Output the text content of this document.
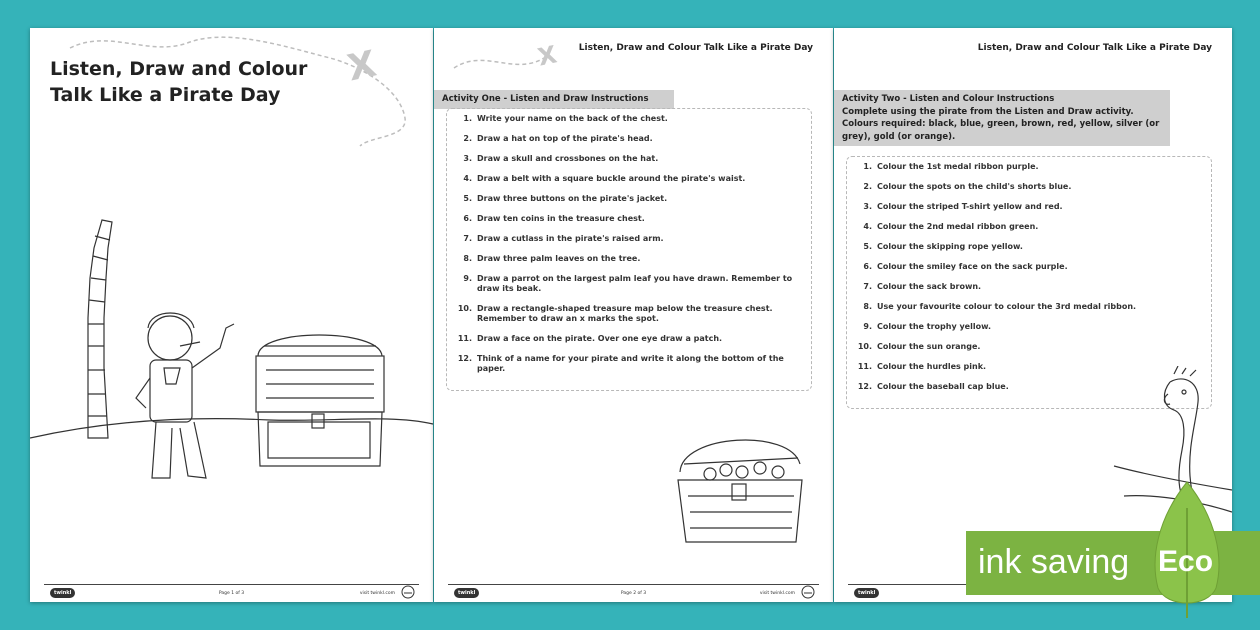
Listen, Draw and Colour
Talk Like a Pirate Day
X
twinkl	Page 1 of 3	visit twinkl.com
Listen, Draw and Colour Talk Like a Pirate Day
X
Activity One - Listen and Draw Instructions
1. Write your name on the back of the chest.
2. Draw a hat on top of the pirate's head.
3. Draw a skull and crossbones on the hat.
4. Draw a belt with a square buckle around the pirate's waist.
5. Draw three buttons on the pirate's jacket.
6. Draw ten coins in the treasure chest.
7. Draw a cutlass in the pirate's raised arm.
8. Draw three palm leaves on the tree.
9. Draw a parrot on the largest palm leaf you have drawn. Remember to draw its beak.
10. Draw a rectangle-shaped treasure map below the treasure chest. Remember to draw an x marks the spot.
11. Draw a face on the pirate. Over one eye draw a patch.
12. Think of a name for your pirate and write it along the bottom of the paper.
twinkl	Page 2 of 3	visit twinkl.com
Listen, Draw and Colour Talk Like a Pirate Day
Activity Two - Listen and Colour Instructions
Complete using the pirate from the Listen and Draw activity.
Colours required: black, blue, green, brown, red, yellow, silver (or grey), gold (or orange).
1. Colour the 1st medal ribbon purple.
2. Colour the spots on the child's shorts blue.
3. Colour the striped T-shirt yellow and red.
4. Colour the 2nd medal ribbon green.
5. Colour the skipping rope yellow.
6. Colour the smiley face on the sack purple.
7. Colour the sack brown.
8. Use your favourite colour to colour the 3rd medal ribbon.
9. Colour the trophy yellow.
10. Colour the sun orange.
11. Colour the hurdles pink.
12. Colour the baseball cap blue.
twinkl
ink saving Eco
